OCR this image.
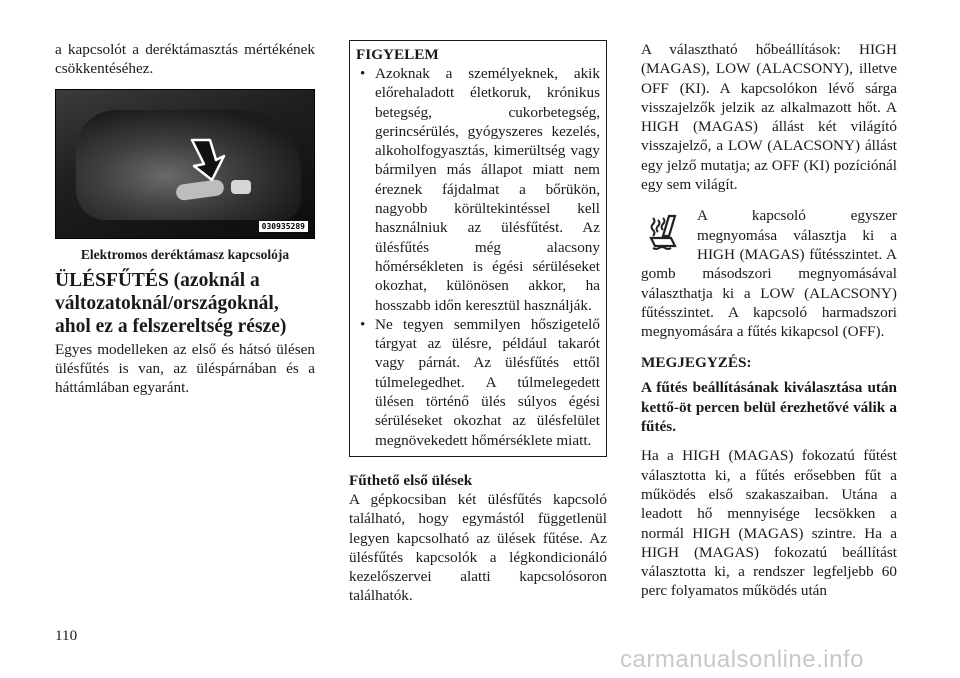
a kapcsolót a deréktámasztás mértékének csökkentéséhez.

030935289
Elektromos deréktámasz kapcsolója
ÜLÉSFŰTÉS (azoknál a változatoknál/országoknál, ahol ez a felszereltség része)

Egyes modelleken az első és hátsó ülésen ülésfűtés is van, az üléspárnában és a háttámlában egyaránt.

FIGYELEM
• Azoknak a személyeknek, akik előrehaladott életkoruk, krónikus betegség, cukorbetegség, gerincsérülés, gyógyszeres kezelés, alkoholfogyasztás, kimerültség vagy bármilyen más állapot miatt nem éreznek fájdalmat a bőrükön, nagyobb körültekintéssel kell használniuk az ülésfűtést. Az ülésfűtés még alacsony hőmérsékleten is égési sérüléseket okozhat, különösen akkor, ha hosszabb időn keresztül használják.
• Ne tegyen semmilyen hőszigetelő tárgyat az ülésre, például takarót vagy párnát. Az ülésfűtés ettől túlmelegedhet. A túlmelegedett ülésen történő ülés súlyos égési sérüléseket okozhat az ülésfelület megnövekedett hőmérséklete miatt.
Fűthető első ülések

A gépkocsiban két ülésfűtés kapcsoló található, hogy egymástól függetlenül legyen kapcsolható az ülések fűtése. Az ülésfűtés kapcsolók a légkondicionáló kezelőszervei alatti kapcsolósoron találhatók.

A választható hőbeállítások: HIGH (MAGAS), LOW (ALACSONY), illetve OFF (KI). A kapcsolókon lévő sárga visszajelzők jelzik az alkalmazott hőt. A HIGH (MAGAS) állást két világító visszajelző, a LOW (ALACSONY) állást egy jelző mutatja; az OFF (KI) pozíciónál egy sem világít.

A kapcsoló egyszer megnyomása választja ki a HIGH (MAGAS) fűtésszintet. A gomb másodszori megnyomásával választhatja ki a LOW (ALACSONY) fűtésszintet. A kapcsoló harmadszori megnyomására a fűtés kikapcsol (OFF).

MEGJEGYZÉS:

A fűtés beállításának kiválasztása után kettő-öt percen belül érezhetővé válik a fűtés.

Ha a HIGH (MAGAS) fokozatú fűtést választotta ki, a fűtés erősebben fűt a működés első szakaszaiban. Utána a leadott hő mennyisége lecsökken a normál HIGH (MAGAS) szintre. Ha a HIGH (MAGAS) fokozatú beállítást választotta ki, a rendszer legfeljebb 60 perc folyamatos működés után

110
carmanualsonline.info
